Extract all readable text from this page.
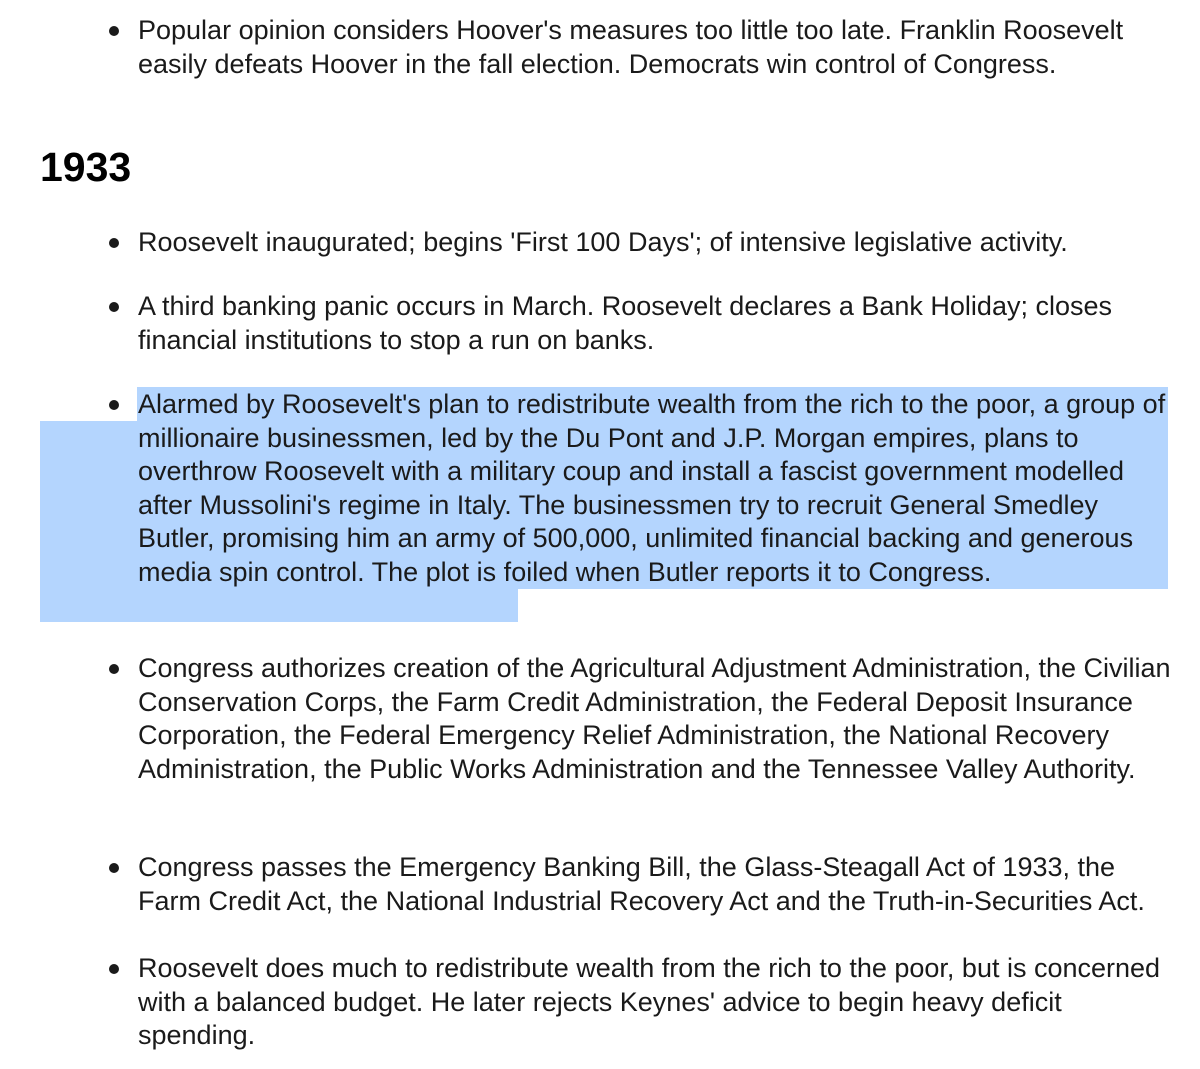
Popular opinion considers Hoover's measures too little too late. Franklin Roosevelt easily defeats Hoover in the fall election. Democrats win control of Congress.
1933
Roosevelt inaugurated; begins 'First 100 Days'; of intensive legislative activity.
A third banking panic occurs in March. Roosevelt declares a Bank Holiday; closes financial institutions to stop a run on banks.
Alarmed by Roosevelt's plan to redistribute wealth from the rich to the poor, a group of millionaire businessmen, led by the Du Pont and J.P. Morgan empires, plans to overthrow Roosevelt with a military coup and install a fascist government modelled after Mussolini's regime in Italy. The businessmen try to recruit General Smedley Butler, promising him an army of 500,000, unlimited financial backing and generous media spin control. The plot is foiled when Butler reports it to Congress.
Congress authorizes creation of the Agricultural Adjustment Administration, the Civilian Conservation Corps, the Farm Credit Administration, the Federal Deposit Insurance Corporation, the Federal Emergency Relief Administration, the National Recovery Administration, the Public Works Administration and the Tennessee Valley Authority.
Congress passes the Emergency Banking Bill, the Glass-Steagall Act of 1933, the Farm Credit Act, the National Industrial Recovery Act and the Truth-in-Securities Act.
Roosevelt does much to redistribute wealth from the rich to the poor, but is concerned with a balanced budget. He later rejects Keynes' advice to begin heavy deficit spending.
